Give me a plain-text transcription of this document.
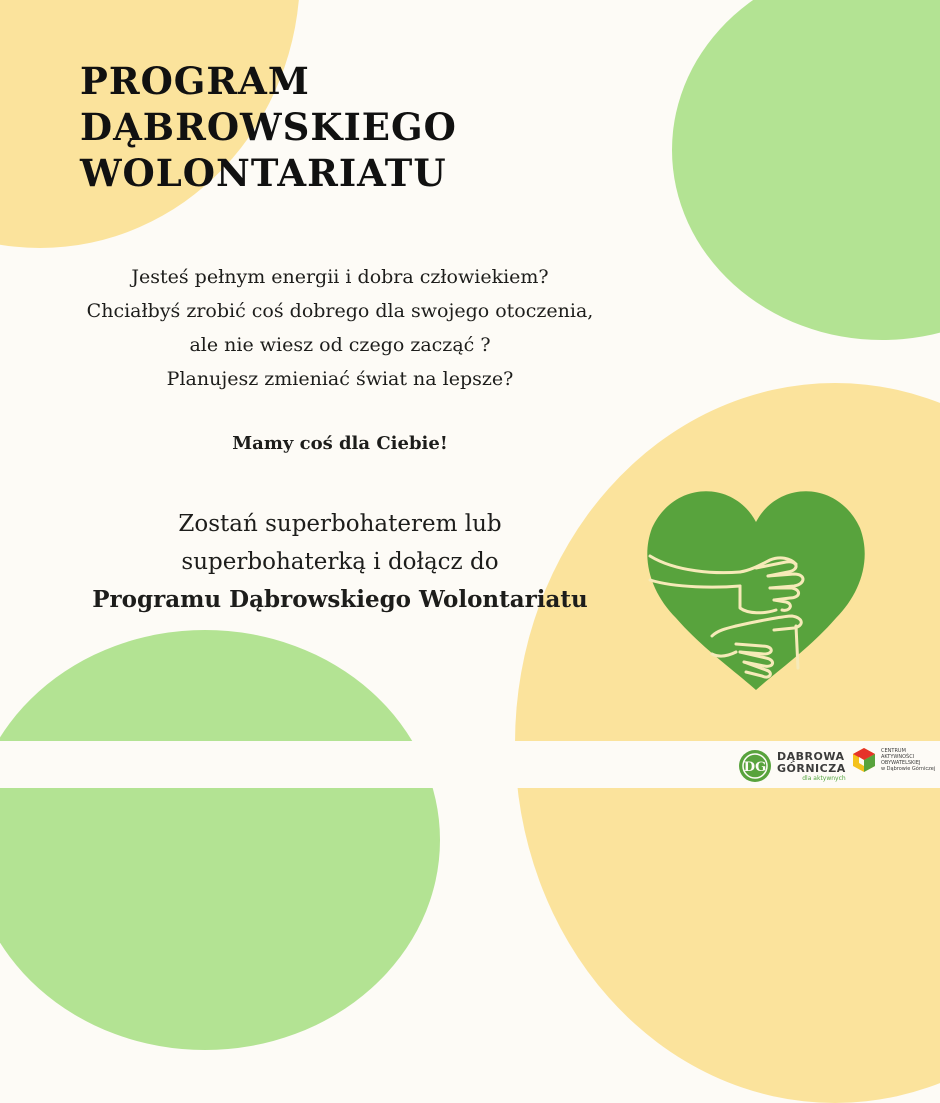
PROGRAM
DĄBROWSKIEGO
WOLONTARIATU
Jesteś pełnym energii i dobra człowiekiem?
Chciałbyś zrobić coś dobrego dla swojego otoczenia,
ale nie wiesz od czego zacząć ?
Planujesz zmieniać świat na lepsze?
Mamy coś dla Ciebie!
Zostań superbohaterem lub
superbohaterką i dołącz do
Programu Dąbrowskiego Wolontariatu
DG
DĄBROWA
GÓRNICZA
dla aktywnych
CENTRUM
AKTYWNOŚCI
OBYWATELSKIEJ
w Dąbrowie Górniczej
